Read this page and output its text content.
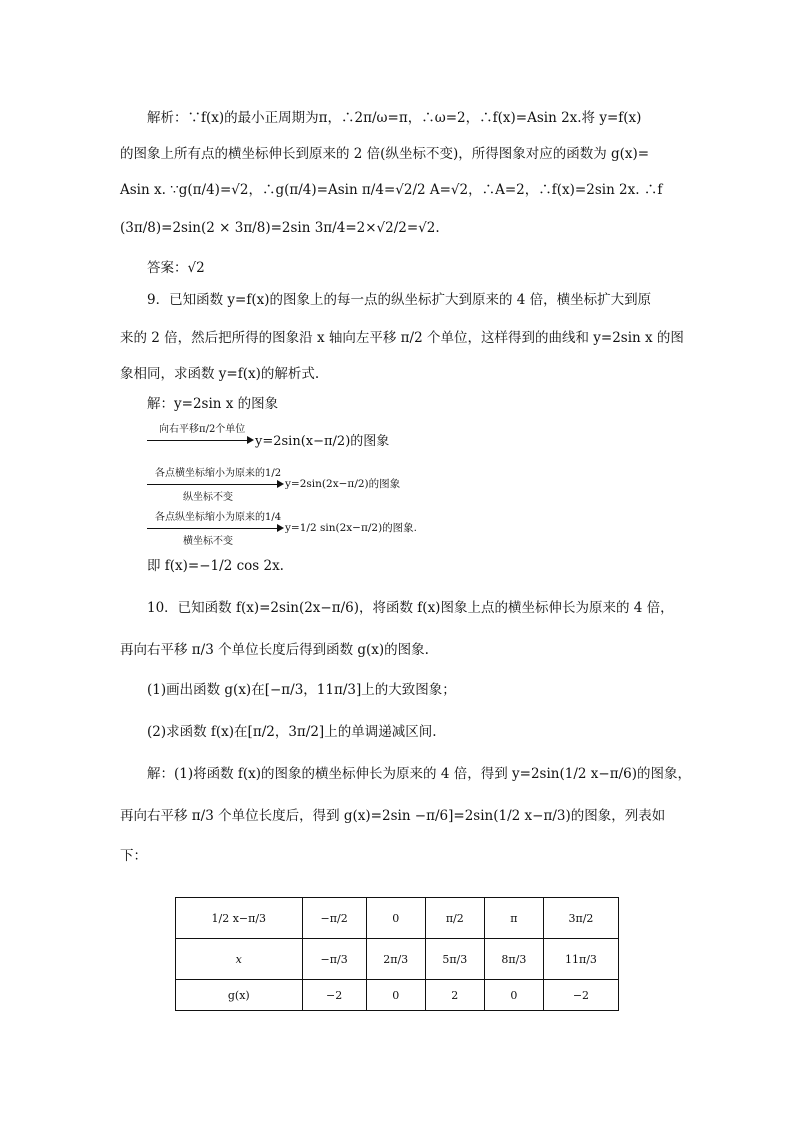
解析：∵f(x)的最小正周期为π，∴2π/ω=π，∴ω=2，∴f(x)=Asin 2x.将 y=f(x)
的图象上所有点的横坐标伸长到原来的 2 倍(纵坐标不变)，所得图象对应的函数为 g(x)=
Asin x. ∵g(π/4)=√2，∴g(π/4)=Asin π/4=√2/2 A=√2，∴A=2，∴f(x)=2sin 2x. ∴f
(3π/8)=2sin(2 × 3π/8)=2sin 3π/4=2×√2/2=√2.
答案：√2
9．已知函数 y=f(x)的图象上的每一点的纵坐标扩大到原来的 4 倍，横坐标扩大到原
来的 2 倍，然后把所得的图象沿 x 轴向左平移 π/2 个单位，这样得到的曲线和 y=2sin x 的图
象相同，求函数 y=f(x)的解析式.
解：y=2sin x 的图象
向右平移π/2个单位
y=2sin(x−π/2)的图象
各点横坐标缩小为原来的1/2
纵坐标不变
y=2sin(2x−π/2)的图象
各点纵坐标缩小为原来的1/4
横坐标不变
y=1/2 sin(2x−π/2)的图象.
即 f(x)=−1/2 cos 2x.
10．已知函数 f(x)=2sin(2x−π/6)，将函数 f(x)图象上点的横坐标伸长为原来的 4 倍，
再向右平移 π/3 个单位长度后得到函数 g(x)的图象.
(1)画出函数 g(x)在[−π/3，11π/3]上的大致图象；
(2)求函数 f(x)在[π/2，3π/2]上的单调递减区间.
解：(1)将函数 f(x)的图象的横坐标伸长为原来的 4 倍，得到 y=2sin(1/2 x−π/6)的图象，
再向右平移 π/3 个单位长度后，得到 g(x)=2sin −π/6]=2sin(1/2 x−π/3)的图象，列表如
下：
1/2 x−π/3	−π/2	0	π/2	π	3π/2
x	−π/3	2π/3	5π/3	8π/3	11π/3
g(x)	−2	0	2	0	−2
